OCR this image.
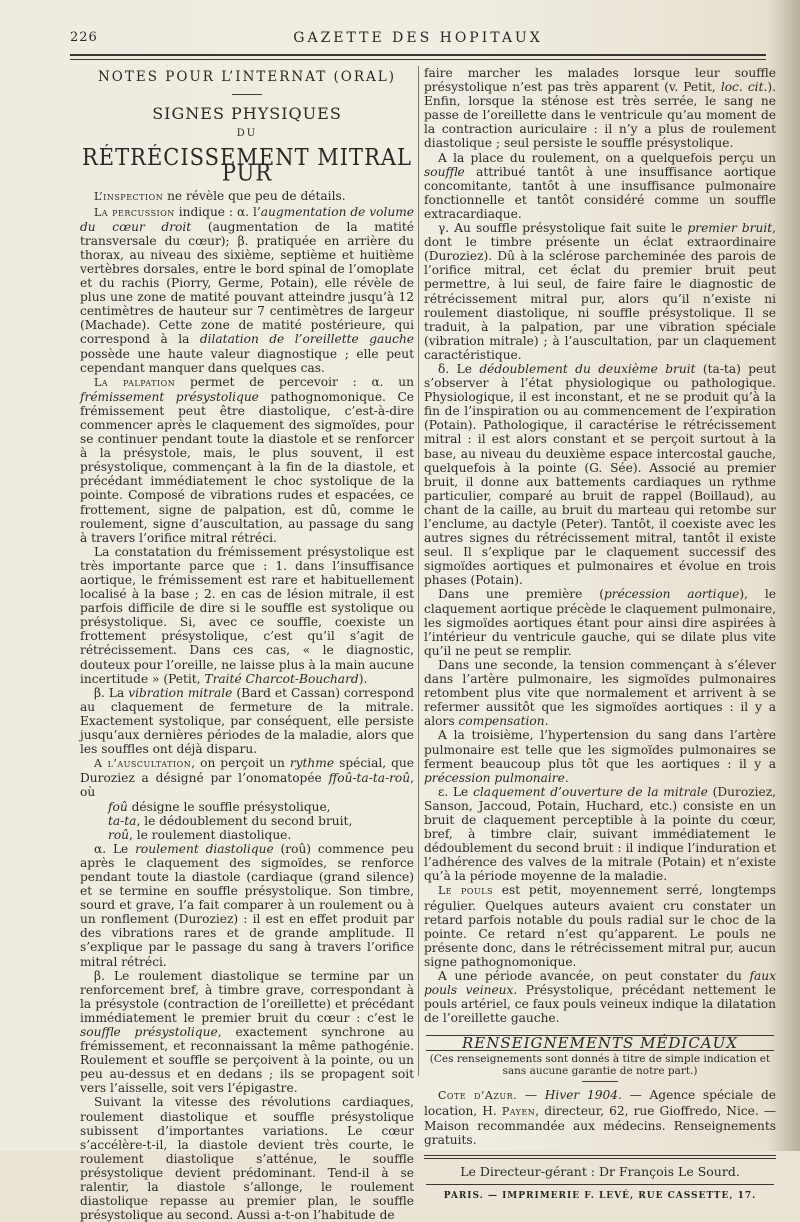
226	GAZETTE DES HOPITAUX

NOTES POUR L’INTERNAT (ORAL)

SIGNES PHYSIQUES

DU

RÉTRÉCISSEMENT MITRAL PUR

L’inspection ne révèle que peu de détails.

La percussion indique : α. l’augmentation de volume du cœur droit (augmentation de la matité transversale du cœur); β. pratiquée en arrière du thorax, au niveau des sixième, septième et huitième vertèbres dorsales, entre le bord spinal de l’omoplate et du rachis (Piorry, Germe, Potain), elle révèle de plus une zone de matité pouvant atteindre jusqu’à 12 centimètres de hauteur sur 7 centimètres de largeur (Machade). Cette zone de matité postérieure, qui correspond à la dilatation de l’oreillette gauche possède une haute valeur diagnostique ; elle peut cependant manquer dans quelques cas.

La palpation permet de percevoir : α. un frémissement présystolique pathognomonique. Ce frémissement peut être diastolique, c’est-à-dire commencer après le claquement des sigmoïdes, pour se continuer pendant toute la diastole et se renforcer à la présystole, mais, le plus souvent, il est présystolique, commençant à la fin de la diastole, et précédant immédiatement le choc systolique de la pointe. Composé de vibrations rudes et espacées, ce frottement, signe de palpation, est dû, comme le roulement, signe d’auscultation, au passage du sang à travers l’orifice mitral rétréci.

La constatation du frémissement présystolique est très importante parce que : 1. dans l’insuffisance aortique, le frémissement est rare et habituellement localisé à la base ; 2. en cas de lésion mitrale, il est parfois difficile de dire si le souffle est systolique ou présystolique. Si, avec ce souffle, coexiste un frottement présystolique, c’est qu’il s’agit de rétrécissement. Dans ces cas, « le diagnostic, douteux pour l’oreille, ne laisse plus à la main aucune incertitude » (Petit, Traité Charcot-Bouchard).

β. La vibration mitrale (Bard et Cassan) correspond au claquement de fermeture de la mitrale. Exactement systolique, par conséquent, elle persiste jusqu’aux dernières périodes de la maladie, alors que les souffles ont déjà disparu.

A l’auscultation, on perçoit un rythme spécial, que Duroziez a désigné par l’onomatopée ffoû-ta-ta-roû, où

foû désigne le souffle présystolique,

ta-ta, le dédoublement du second bruit,

roû, le roulement diastolique.

α. Le roulement diastolique (roû) commence peu après le claquement des sigmoïdes, se renforce pendant toute la diastole (cardiaque (grand silence) et se termine en souffle présystolique. Son timbre, sourd et grave, l’a fait comparer à un roulement ou à un ronflement (Duroziez) : il est en effet produit par des vibrations rares et de grande amplitude. Il s’explique par le passage du sang à travers l’orifice mitral rétréci.

β. Le roulement diastolique se termine par un renforcement bref, à timbre grave, correspondant à la présystole (contraction de l’oreillette) et précédant immédiatement le premier bruit du cœur : c’est le souffle présystolique, exactement synchrone au frémissement, et reconnaissant la même pathogénie. Roulement et souffle se perçoivent à la pointe, ou un peu au-dessus et en dedans ; ils se propagent soit vers l’aisselle, soit vers l’épigastre.

Suivant la vitesse des révolutions cardiaques, roulement diastolique et souffle présystolique subissent d’importantes variations. Le cœur s’accélère-t-il, la diastole devient très courte, le roulement diastolique s’atténue, le souffle présystolique devient prédominant. Tend-il à se ralentir, la diastole s’allonge, le roulement diastolique repasse au premier plan, le souffle présystolique au second. Aussi a-t-on l’habitude de

faire marcher les malades lorsque leur souffle présystolique n’est pas très apparent (v. Petit, loc. cit.). Enfin, lorsque la sténose est très serrée, le sang ne passe de l’oreillette dans le ventricule qu’au moment de la contraction auriculaire : il n’y a plus de roulement diastolique ; seul persiste le souffle présystolique.

A la place du roulement, on a quelquefois perçu un souffle attribué tantôt à une insuffisance aortique concomitante, tantôt à une insuffisance pulmonaire fonctionnelle et tantôt considéré comme un souffle extracardiaque.

γ. Au souffle présystolique fait suite le premier bruit, dont le timbre présente un éclat extraordinaire (Duroziez). Dû à la sclérose parcheminée des parois de l’orifice mitral, cet éclat du premier bruit peut permettre, à lui seul, de faire faire le diagnostic de rétrécissement mitral pur, alors qu’il n’existe ni roulement diastolique, ni souffle présystolique. Il se traduit, à la palpation, par une vibration spéciale (vibration mitrale) ; à l’auscultation, par un claquement caractéristique.

δ. Le dédoublement du deuxième bruit (ta-ta) peut s’observer à l’état physiologique ou pathologique. Physiologique, il est inconstant, et ne se produit qu’à la fin de l’inspiration ou au commencement de l’expiration (Potain). Pathologique, il caractérise le rétrécissement mitral : il est alors constant et se perçoit surtout à la base, au niveau du deuxième espace intercostal gauche, quelquefois à la pointe (G. Sée). Associé au premier bruit, il donne aux battements cardiaques un rythme particulier, comparé au bruit de rappel (Boillaud), au chant de la caille, au bruit du marteau qui retombe sur l’enclume, au dactyle (Peter). Tantôt, il coexiste avec les autres signes du rétrécissement mitral, tantôt il existe seul. Il s’explique par le claquement successif des sigmoïdes aortiques et pulmonaires et évolue en trois phases (Potain).

Dans une première (précession aortique), le claquement aortique précède le claquement pulmonaire, les sigmoïdes aortiques étant pour ainsi dire aspirées à l’intérieur du ventricule gauche, qui se dilate plus vite qu’il ne peut se remplir.

Dans une seconde, la tension commençant à s’élever dans l’artère pulmonaire, les sigmoïdes pulmonaires retombent plus vite que normalement et arrivent à se refermer aussitôt que les sigmoïdes aortiques : il y a alors compensation.

A la troisième, l’hypertension du sang dans l’artère pulmonaire est telle que les sigmoïdes pulmonaires se ferment beaucoup plus tôt que les aortiques : il y a précession pulmonaire.

ε. Le claquement d’ouverture de la mitrale (Duroziez, Sanson, Jaccoud, Potain, Huchard, etc.) consiste en un bruit de claquement perceptible à la pointe du cœur, bref, à timbre clair, suivant immédiatement le dédoublement du second bruit : il indique l’induration et l’adhérence des valves de la mitrale (Potain) et n’existe qu’à la période moyenne de la maladie.

Le pouls est petit, moyennement serré, longtemps régulier. Quelques auteurs avaient cru constater un retard parfois notable du pouls radial sur le choc de la pointe. Ce retard n’est qu’apparent. Le pouls ne présente donc, dans le rétrécissement mitral pur, aucun signe pathognomonique.

A une période avancée, on peut constater du faux pouls veineux. Présystolique, précédant nettement le pouls artériel, ce faux pouls veineux indique la dilatation de l’oreillette gauche.

RENSEIGNEMENTS MÉDICAUX
(Ces renseignements sont donnés à titre de simple indication et sans aucune garantie de notre part.)

Cote d’Azur. — Hiver 1904. — Agence spéciale de location, H. Payen, directeur, 62, rue Gioffredo, Nice. — Maison recommandée aux médecins. Renseignements gratuits.

Le Directeur-gérant : Dr François Le Sourd.
PARIS. — IMPRIMERIE F. LEVÉ, RUE CASSETTE, 17.
